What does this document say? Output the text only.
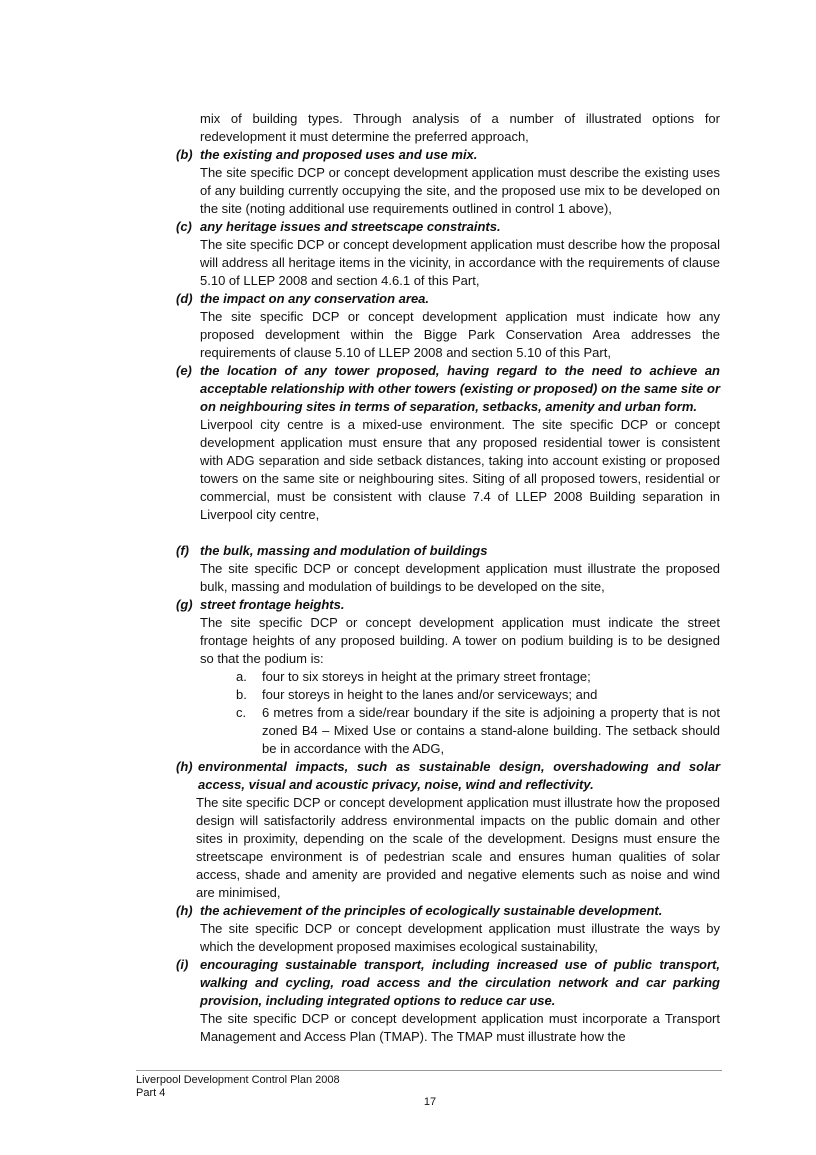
mix of building types. Through analysis of a number of illustrated options for redevelopment it must determine the preferred approach,
(b) the existing and proposed uses and use mix.
The site specific DCP or concept development application must describe the existing uses of any building currently occupying the site, and the proposed use mix to be developed on the site (noting additional use requirements outlined in control 1 above),
(c) any heritage issues and streetscape constraints.
The site specific DCP or concept development application must describe how the proposal will address all heritage items in the vicinity, in accordance with the requirements of clause 5.10 of LLEP 2008 and section 4.6.1 of this Part,
(d) the impact on any conservation area.
The site specific DCP or concept development application must indicate how any proposed development within the Bigge Park Conservation Area addresses the requirements of clause 5.10 of LLEP 2008 and section 5.10 of this Part,
(e) the location of any tower proposed, having regard to the need to achieve an acceptable relationship with other towers (existing or proposed) on the same site or on neighbouring sites in terms of separation, setbacks, amenity and urban form.
Liverpool city centre is a mixed-use environment. The site specific DCP or concept development application must ensure that any proposed residential tower is consistent with ADG separation and side setback distances, taking into account existing or proposed towers on the same site or neighbouring sites. Siting of all proposed towers, residential or commercial, must be consistent with clause 7.4 of LLEP 2008 Building separation in Liverpool city centre,
(f) the bulk, massing and modulation of buildings
The site specific DCP or concept development application must illustrate the proposed bulk, massing and modulation of buildings to be developed on the site,
(g) street frontage heights.
The site specific DCP or concept development application must indicate the street frontage heights of any proposed building. A tower on podium building is to be designed so that the podium is:
a.	four to six storeys in height at the primary street frontage;
b.	four storeys in height to the lanes and/or serviceways; and
c.	6 metres from a side/rear boundary if the site is adjoining a property that is not zoned B4 – Mixed Use or contains a stand-alone building. The setback should be in accordance with the ADG,
(h) environmental impacts, such as sustainable design, overshadowing and solar access, visual and acoustic privacy, noise, wind and reflectivity.
The site specific DCP or concept development application must illustrate how the proposed design will satisfactorily address environmental impacts on the public domain and other sites in proximity, depending on the scale of the development. Designs must ensure the streetscape environment is of pedestrian scale and ensures human qualities of solar access, shade and amenity are provided and negative elements such as noise and wind are minimised,
(h) the achievement of the principles of ecologically sustainable development.
The site specific DCP or concept development application must illustrate the ways by which the development proposed maximises ecological sustainability,
(i) encouraging sustainable transport, including increased use of public transport, walking and cycling, road access and the circulation network and car parking provision, including integrated options to reduce car use.
The site specific DCP or concept development application must incorporate a Transport Management and Access Plan (TMAP). The TMAP must illustrate how the
Liverpool Development Control Plan 2008
Part 4
17
